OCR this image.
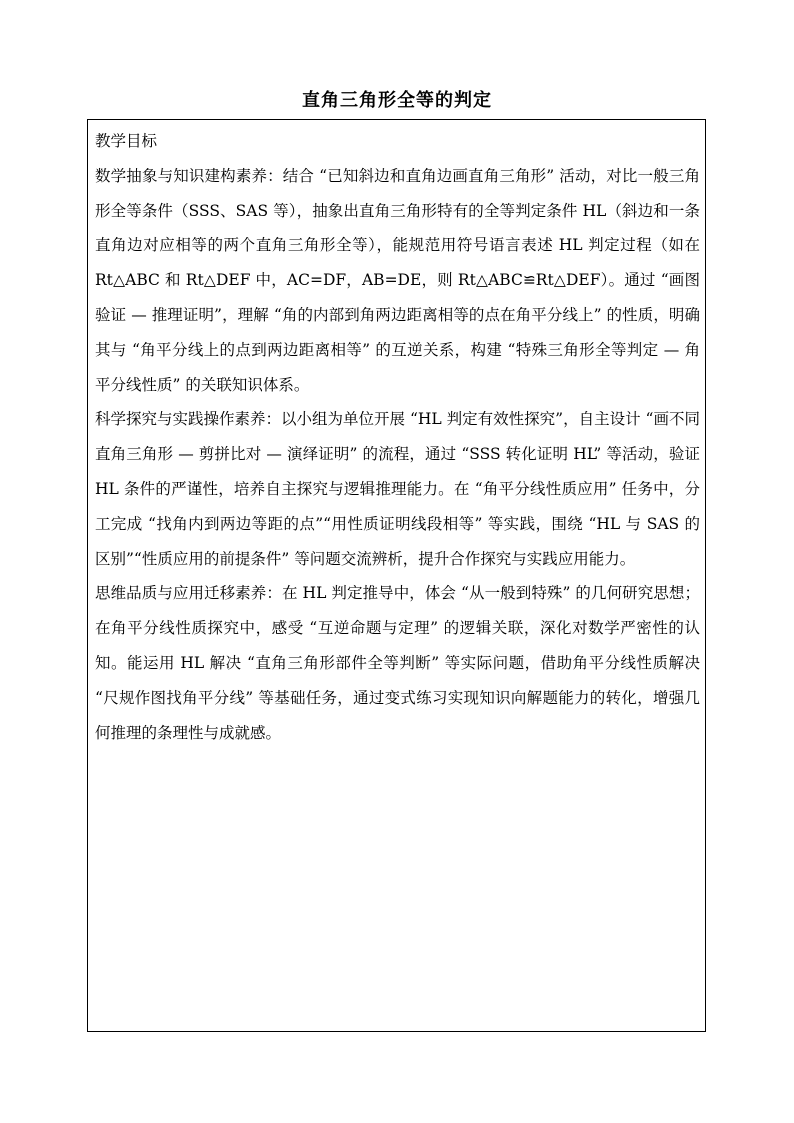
直角三角形全等的判定

教学目标

数学抽象与知识建构素养：结合 “已知斜边和直角边画直角三角形” 活动，对比一般三角形全等条件（SSS、SAS 等），抽象出直角三角形特有的全等判定条件 HL（斜边和一条直角边对应相等的两个直角三角形全等），能规范用符号语言表述 HL 判定过程（如在 Rt△ABC 和 Rt△DEF 中，AC=DF，AB=DE，则 Rt△ABC≌Rt△DEF）。通过 “画图验证 — 推理证明”，理解 “角的内部到角两边距离相等的点在角平分线上” 的性质，明确其与 “角平分线上的点到两边距离相等” 的互逆关系，构建 “特殊三角形全等判定 — 角平分线性质” 的关联知识体系。

科学探究与实践操作素养：以小组为单位开展 “HL 判定有效性探究”，自主设计 “画不同直角三角形 — 剪拼比对 — 演绎证明” 的流程，通过 “SSS 转化证明 HL” 等活动，验证 HL 条件的严谨性，培养自主探究与逻辑推理能力。在 “角平分线性质应用” 任务中，分工完成 “找角内到两边等距的点”“用性质证明线段相等” 等实践，围绕 “HL 与 SAS 的区别”“性质应用的前提条件” 等问题交流辨析，提升合作探究与实践应用能力。

思维品质与应用迁移素养：在 HL 判定推导中，体会 “从一般到特殊” 的几何研究思想；在角平分线性质探究中，感受 “互逆命题与定理” 的逻辑关联，深化对数学严密性的认知。能运用 HL 解决 “直角三角形部件全等判断” 等实际问题，借助角平分线性质解决 “尺规作图找角平分线” 等基础任务，通过变式练习实现知识向解题能力的转化，增强几何推理的条理性与成就感。
